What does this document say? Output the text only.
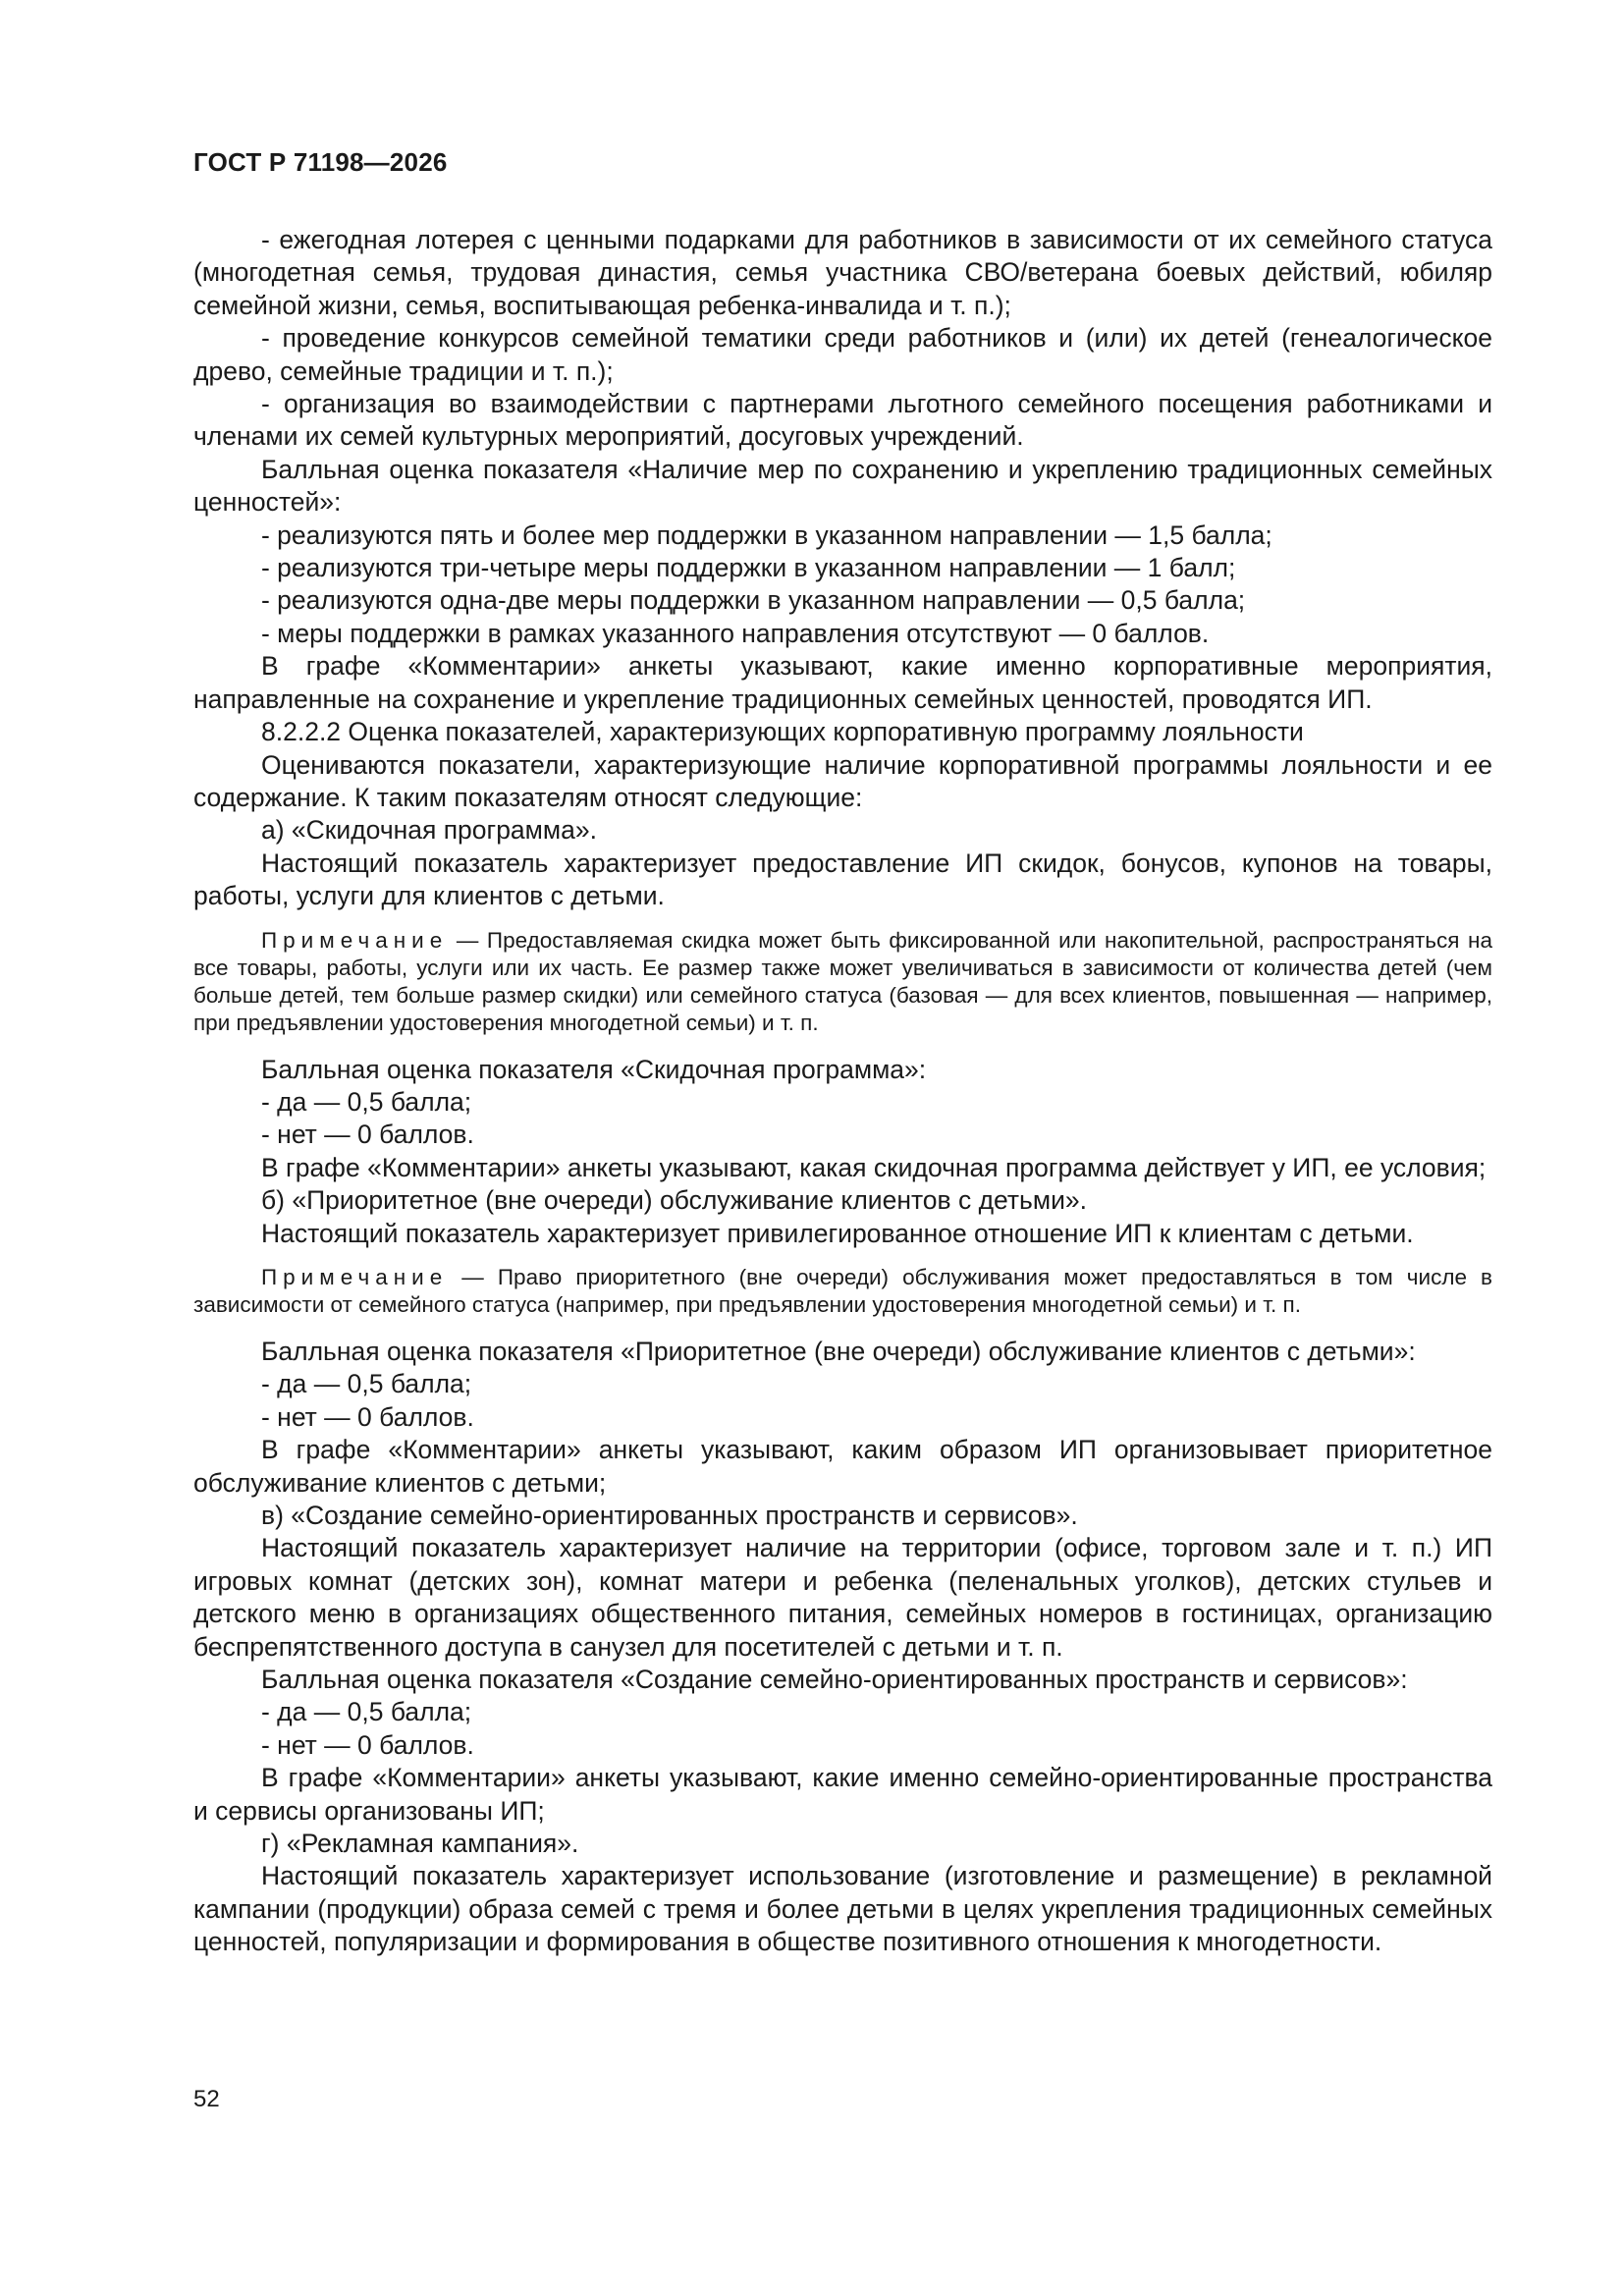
ГОСТ Р 71198—2026

- ежегодная лотерея с ценными подарками для работников в зависимости от их семейного статуса (многодетная семья, трудовая династия, семья участника СВО/ветерана боевых действий, юбиляр семейной жизни, семья, воспитывающая ребенка-инвалида и т. п.);

- проведение конкурсов семейной тематики среди работников и (или) их детей (генеалогическое древо, семейные традиции и т. п.);

- организация во взаимодействии с партнерами льготного семейного посещения работниками и членами их семей культурных мероприятий, досуговых учреждений.

Балльная оценка показателя «Наличие мер по сохранению и укреплению традиционных семейных ценностей»:

- реализуются пять и более мер поддержки в указанном направлении — 1,5 балла;

- реализуются три-четыре меры поддержки в указанном направлении — 1 балл;

- реализуются одна-две меры поддержки в указанном направлении — 0,5 балла;

- меры поддержки в рамках указанного направления отсутствуют — 0 баллов.

В графе «Комментарии» анкеты указывают, какие именно корпоративные мероприятия, направленные на сохранение и укрепление традиционных семейных ценностей, проводятся ИП.

8.2.2.2 Оценка показателей, характеризующих корпоративную программу лояльности

Оцениваются показатели, характеризующие наличие корпоративной программы лояльности и ее содержание. К таким показателям относят следующие:

а) «Скидочная программа».

Настоящий показатель характеризует предоставление ИП скидок, бонусов, купонов на товары, работы, услуги для клиентов с детьми.

Примечание — Предоставляемая скидка может быть фиксированной или накопительной, распространяться на все товары, работы, услуги или их часть. Ее размер также может увеличиваться в зависимости от количества детей (чем больше детей, тем больше размер скидки) или семейного статуса (базовая — для всех клиентов, повышенная — например, при предъявлении удостоверения многодетной семьи) и т. п.

Балльная оценка показателя «Скидочная программа»:

- да — 0,5 балла;

- нет — 0 баллов.

В графе «Комментарии» анкеты указывают, какая скидочная программа действует у ИП, ее условия;

б) «Приоритетное (вне очереди) обслуживание клиентов с детьми».

Настоящий показатель характеризует привилегированное отношение ИП к клиентам с детьми.

Примечание — Право приоритетного (вне очереди) обслуживания может предоставляться в том числе в зависимости от семейного статуса (например, при предъявлении удостоверения многодетной семьи) и т. п.

Балльная оценка показателя «Приоритетное (вне очереди) обслуживание клиентов с детьми»:

- да — 0,5 балла;

- нет — 0 баллов.

В графе «Комментарии» анкеты указывают, каким образом ИП организовывает приоритетное обслуживание клиентов с детьми;

в) «Создание семейно-ориентированных пространств и сервисов».

Настоящий показатель характеризует наличие на территории (офисе, торговом зале и т. п.) ИП игровых комнат (детских зон), комнат матери и ребенка (пеленальных уголков), детских стульев и детского меню в организациях общественного питания, семейных номеров в гостиницах, организацию беспрепятственного доступа в санузел для посетителей с детьми и т. п.

Балльная оценка показателя «Создание семейно-ориентированных пространств и сервисов»:

- да — 0,5 балла;

- нет — 0 баллов.

В графе «Комментарии» анкеты указывают, какие именно семейно-ориентированные пространства и сервисы организованы ИП;

г) «Рекламная кампания».

Настоящий показатель характеризует использование (изготовление и размещение) в рекламной кампании (продукции) образа семей с тремя и более детьми в целях укрепления традиционных семейных ценностей, популяризации и формирования в обществе позитивного отношения к многодетности.

52
